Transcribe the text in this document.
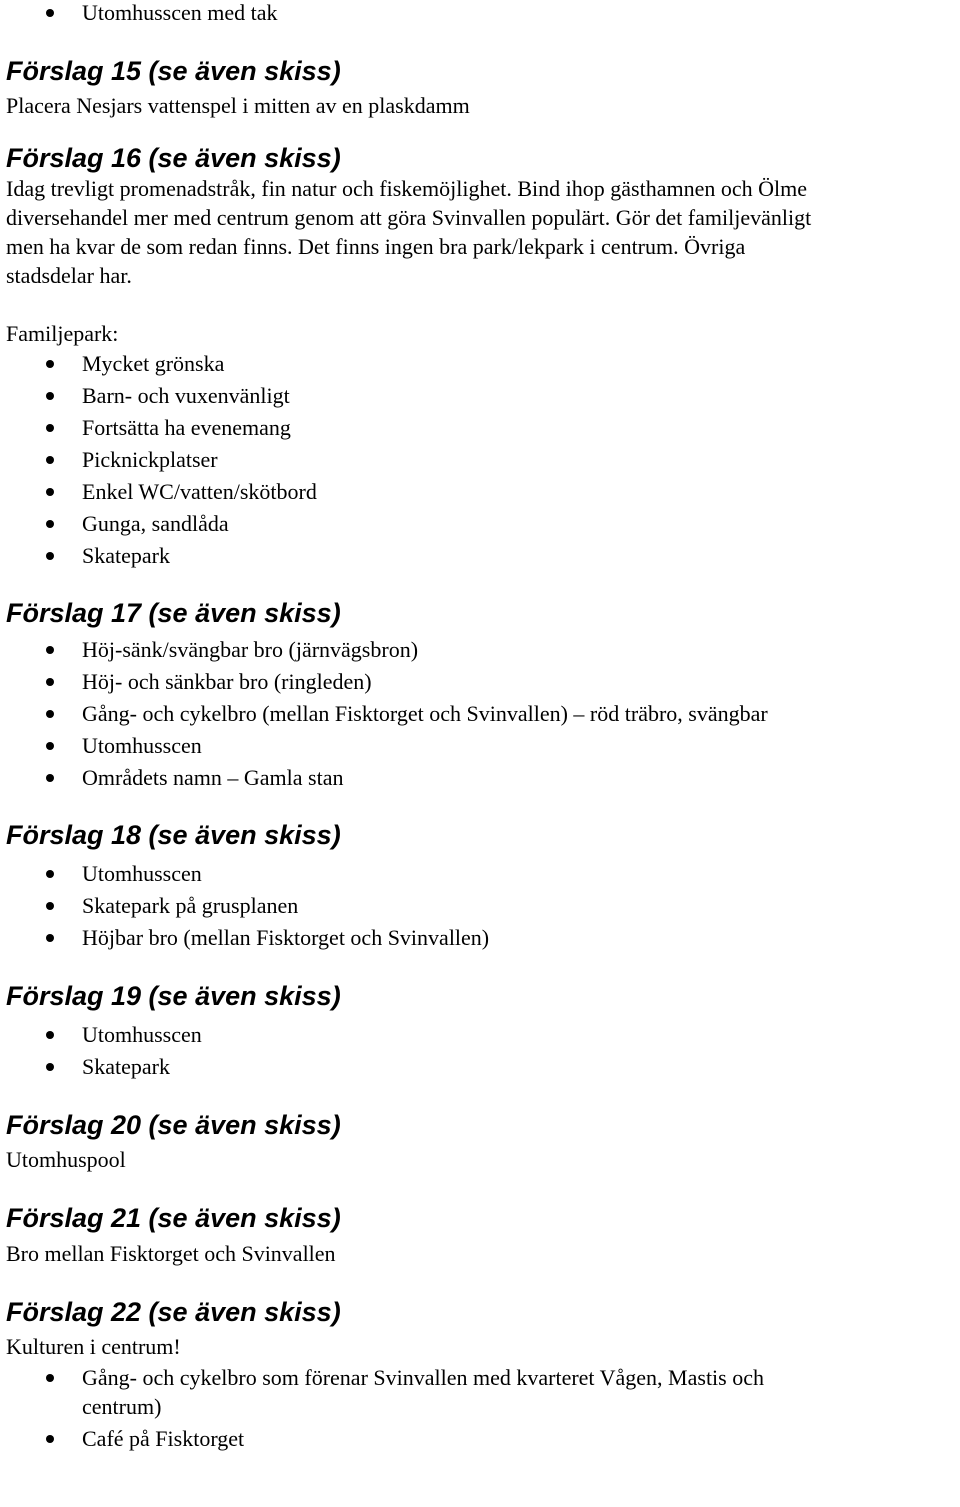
Utomhusscen med tak
Förslag 15 (se även skiss)

Placera Nesjars vattenspel i mitten av en plaskdamm

Förslag 16 (se även skiss)
Idag trevligt promenadstråk, fin natur och fiskemöjlighet. Bind ihop gästhamnen och Ölme
diversehandel mer med centrum genom att göra Svinvallen populärt. Gör det familjevänligt
men ha kvar de som redan finns. Det finns ingen bra park/lekpark i centrum. Övriga
stadsdelar har.

Familjepark:

Mycket grönska
Barn- och vuxenvänligt
Fortsätta ha evenemang
Picknickplatser
Enkel WC/vatten/skötbord
Gunga, sandlåda
Skatepark
Förslag 17 (se även skiss)
Höj-sänk/svängbar bro (järnvägsbron)
Höj- och sänkbar bro (ringleden)
Gång- och cykelbro (mellan Fisktorget och Svinvallen) – röd träbro, svängbar
Utomhusscen
Områdets namn – Gamla stan
Förslag 18 (se även skiss)
Utomhusscen
Skatepark på grusplanen
Höjbar bro (mellan Fisktorget och Svinvallen)
Förslag 19 (se även skiss)
Utomhusscen
Skatepark
Förslag 20 (se även skiss)

Utomhuspool

Förslag 21 (se även skiss)

Bro mellan Fisktorget och Svinvallen

Förslag 22 (se även skiss)

Kulturen i centrum!

Gång- och cykelbro som förenar Svinvallen med kvarteret Vågen, Mastis och
centrum)
Café på Fisktorget
